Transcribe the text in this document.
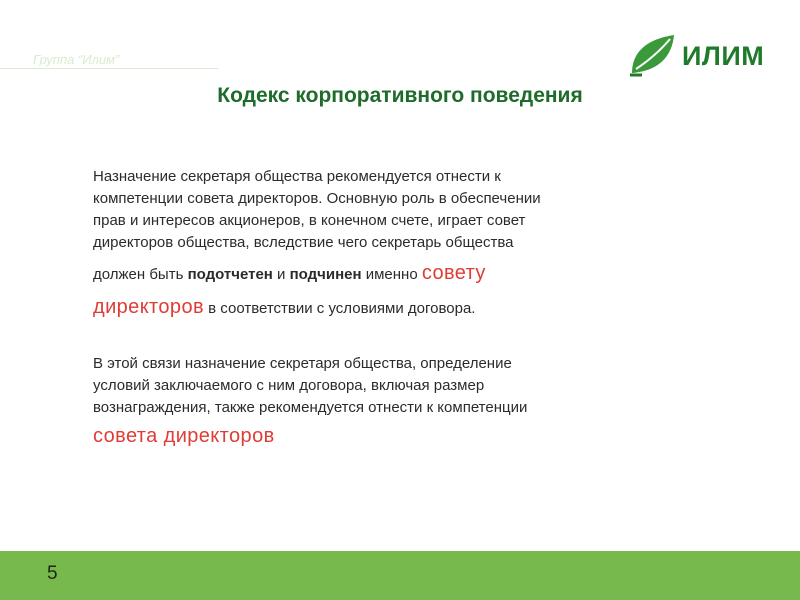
Группа “Илим”	ИЛИМ
Кодекс корпоративного поведения
Назначение секретаря общества рекомендуется отнести к
компетенции совета директоров. Основную роль в обеспечении
прав и интересов акционеров, в конечном счете, играет совет
директоров общества, вследствие чего секретарь общества
должен быть подотчетен и подчинен именно совету
директоров в соответствии с условиями договора.
В этой связи назначение секретаря общества, определение
условий заключаемого с ним договора, включая размер
вознаграждения, также рекомендуется отнести к компетенции
совета директоров
5
